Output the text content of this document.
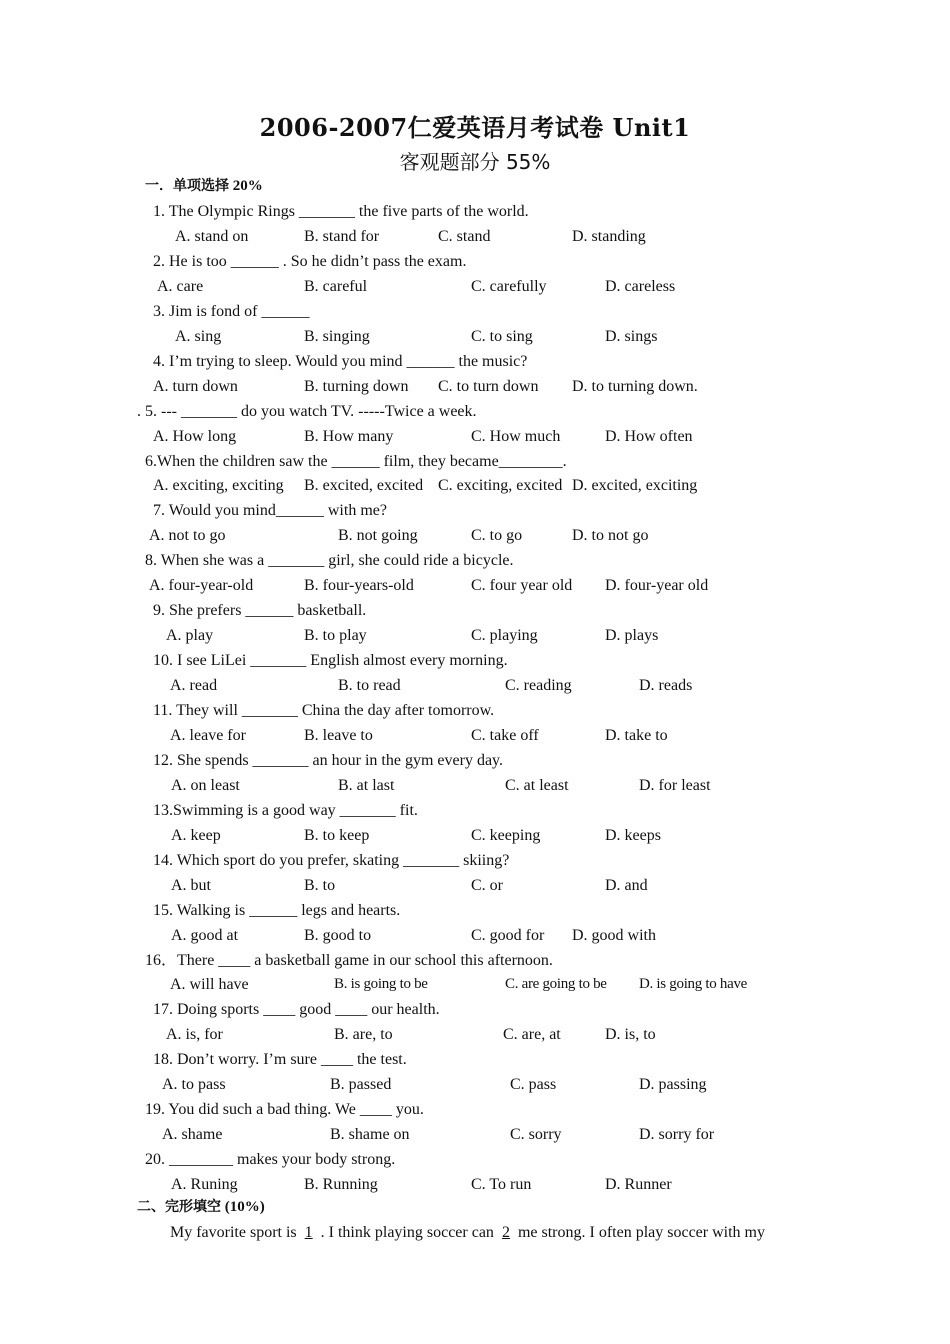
2006-2007仁爱英语月考试卷 Unit1
客观题部分 55%
一．单项选择 20%
1. The Olympic Rings _______ the five parts of the world.
A. stand on	B. stand for	C. stand	D. standing
2. He is too ______ . So he didn’t pass the exam.
A. care	B. careful	C. carefully	D. careless
3. Jim is fond of ______
A. sing	B. singing	C. to sing	D. sings
4. I’m trying to sleep. Would you mind ______ the music?
A. turn down	B. turning down C. to turn down D. to turning down.
. 5. --- _______ do you watch TV. -----Twice a week.
A. How long	B. How many	C. How much	D. How often
6.When the children saw the ______ film, they became________.
A. exciting, exciting B. excited, excited C. exciting, excited D. excited, exciting
7. Would you mind______ with me?
A. not to go	B. not going	C. to go	D. to not go
8. When she was a _______ girl, she could ride a bicycle.
A. four-year-old	B. four-years-old	C. four year old D. four-year old
9. She prefers ______ basketball.
A. play	B. to play	C. playing	D. plays
10. I see LiLei _______ English almost every morning.
A. read	B. to read	C. reading	D. reads
11. They will _______ China the day after tomorrow.
A. leave for	B. leave to	C. take off	D. take to
12. She spends _______ an hour in the gym every day.
A. on least	B. at last	C. at least	D. for least
13.Swimming is a good way _______ fit.
A. keep	B. to keep	C. keeping	D. keeps
14. Which sport do you prefer, skating _______ skiing?
A. but	B. to	C. or	D. and
15. Walking is ______ legs and hearts.
A. good at	B. good to	C. good for D. good with
16．There ____ a basketball game in our school this afternoon.
A. will have	B. is going to be	C. are going to be D. is going to have
17. Doing sports ____ good ____ our health.
A. is, for	B. are, to	C. are, at	D. is, to
18. Don’t worry. I’m sure ____ the test.
A. to pass	B. passed	C. pass	D. passing
19. You did such a bad thing. We ____ you.
A. shame	B. shame on	C. sorry	D. sorry for
20. ________ makes your body strong.
A. Runing	B. Running	C. To run	D. Runner
二、完形填空 (10%)
My favorite sport is 1 . I think playing soccer can 2 me strong. I often play soccer with my
